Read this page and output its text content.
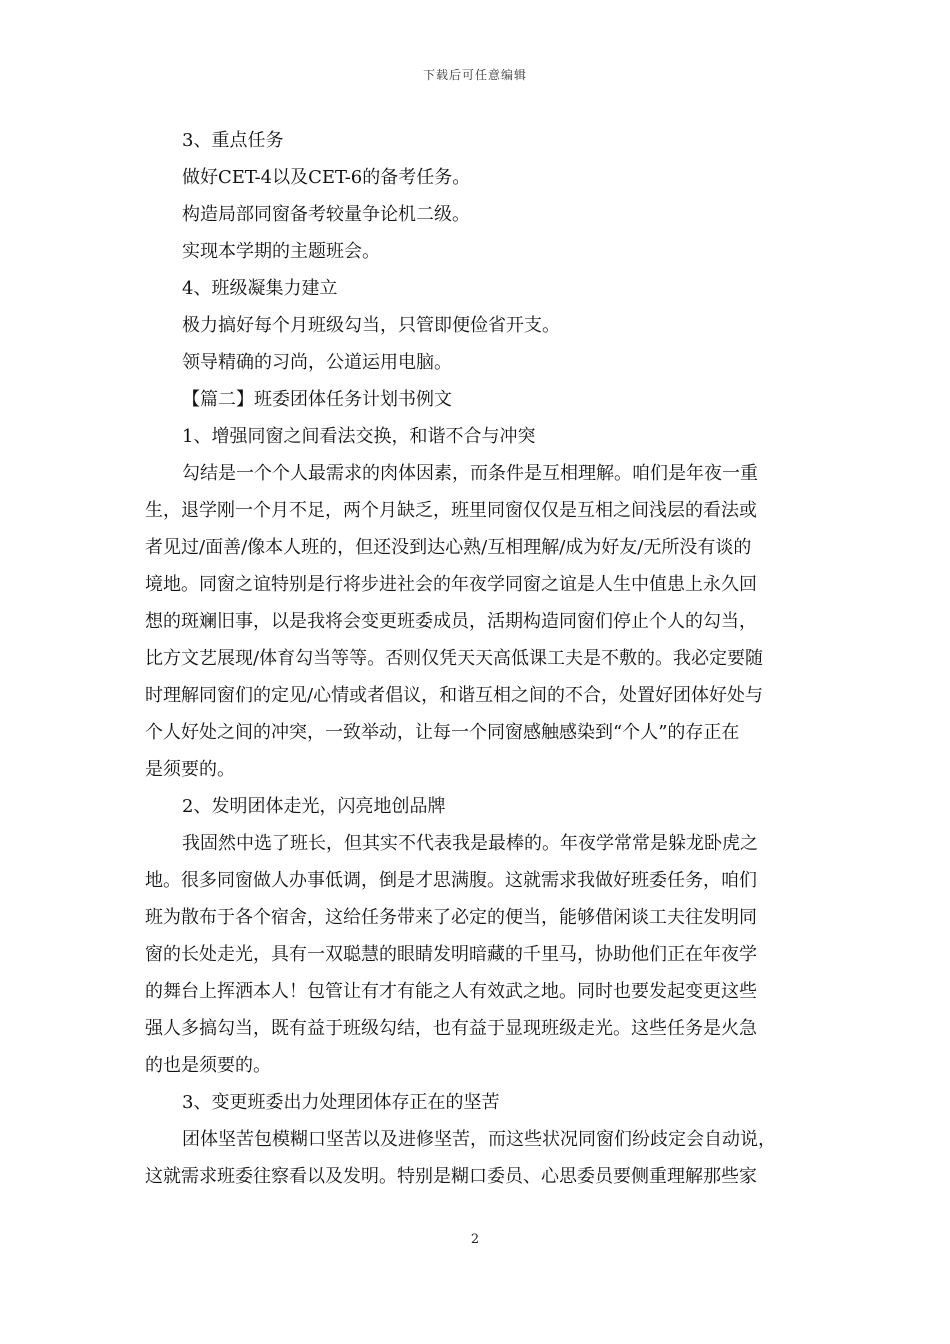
下载后可任意编辑
3、重点任务
做好CET-4以及CET-6的备考任务。
构造局部同窗备考较量争论机二级。
实现本学期的主题班会。
4、班级凝集力建立
极力搞好每个月班级勾当，只管即便俭省开支。
领导精确的习尚，公道运用电脑。
【篇二】班委团体任务计划书例文
1、增强同窗之间看法交换，和谐不合与冲突
勾结是一个个人最需求的肉体因素，而条件是互相理解。咱们是年夜一重
生，退学刚一个月不足，两个月缺乏，班里同窗仅仅是互相之间浅层的看法或
者见过/面善/像本人班的，但还没到达心熟/互相理解/成为好友/无所没有谈的
境地。同窗之谊特别是行将步进社会的年夜学同窗之谊是人生中值患上永久回
想的斑斓旧事，以是我将会变更班委成员，活期构造同窗们停止个人的勾当，
比方文艺展现/体育勾当等等。否则仅凭天天高低课工夫是不敷的。我必定要随
时理解同窗们的定见/心情或者倡议，和谐互相之间的不合，处置好团体好处与
个人好处之间的冲突，一致举动，让每一个同窗感触感染到“个人”的存正在
是须要的。
2、发明团体走光，闪亮地创品牌
我固然中选了班长，但其实不代表我是最棒的。年夜学常常是躲龙卧虎之
地。很多同窗做人办事低调，倒是才思满腹。这就需求我做好班委任务，咱们
班为散布于各个宿舍，这给任务带来了必定的便当，能够借闲谈工夫往发明同
窗的长处走光，具有一双聪慧的眼睛发明暗藏的千里马，协助他们正在年夜学
的舞台上挥洒本人！包管让有才有能之人有效武之地。同时也要发起变更这些
强人多搞勾当，既有益于班级勾结，也有益于显现班级走光。这些任务是火急
的也是须要的。
3、变更班委出力处理团体存正在的坚苦
团体坚苦包模糊口坚苦以及进修坚苦，而这些状况同窗们纷歧定会自动说，
这就需求班委往察看以及发明。特别是糊口委员、心思委员要侧重理解那些家
2
